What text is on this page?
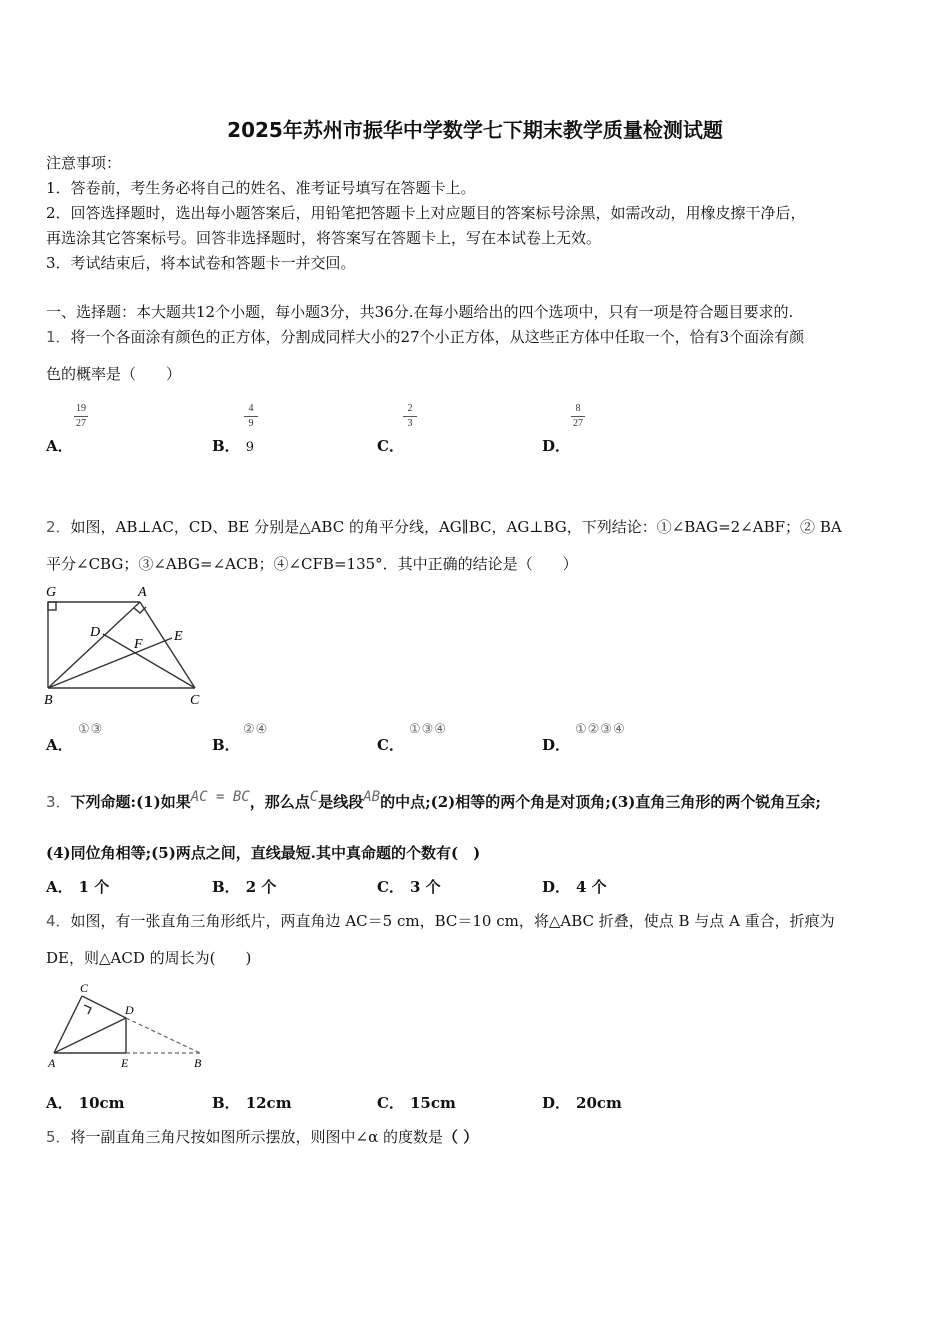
2025年苏州市振华中学数学七下期末教学质量检测试题
注意事项：
1．答卷前，考生务必将自己的姓名、准考证号填写在答题卡上。
2．回答选择题时，选出每小题答案后，用铅笔把答题卡上对应题目的答案标号涂黑，如需改动，用橡皮擦干净后，
再选涂其它答案标号。回答非选择题时，将答案写在答题卡上，写在本试卷上无效。
3．考试结束后，将本试卷和答题卡一并交回。
一、选择题：本大题共12个小题，每小题3分，共36分.在每小题给出的四个选项中，只有一项是符合题目要求的.
1．将一个各面涂有颜色的正方体，分割成同样大小的27个小正方体，从这些正方体中任取一个，恰有3个面涂有颜
色的概率是（　　）
19
27
4
9
2
3
8
27
A．	B． 9	C．	D．
2．如图，AB⊥AC，CD、BE 分别是△ABC 的角平分线，AG∥BC，AG⊥BG，下列结论：①∠BAG=2∠ABF；② BA
平分∠CBG；③∠ABG=∠ACB；④∠CFB=135°．其中正确的结论是（　　）
G	A
D
F
E
B	C
①③	②④	①③④	①②③④
A．	B．	C．	D．
3．下列命题:(1)如果AC = BC，那么点C是线段AB的中点;(2)相等的两个角是对顶角;(3)直角三角形的两个锐角互余;
(4)同位角相等;(5)两点之间，直线最短.其中真命题的个数有(　)
A． 1 个	B． 2 个	C． 3 个	D． 4 个
4．如图，有一张直角三角形纸片，两直角边 AC＝5 cm，BC＝10 cm，将△ABC 折叠，使点 B 与点 A 重合，折痕为
DE，则△ACD 的周长为(　　)
C
D
A	E	B
A． 10cm	B． 12cm	C． 15cm	D． 20cm
5．将一副直角三角尺按如图所示摆放，则图中∠α 的度数是（ ）
